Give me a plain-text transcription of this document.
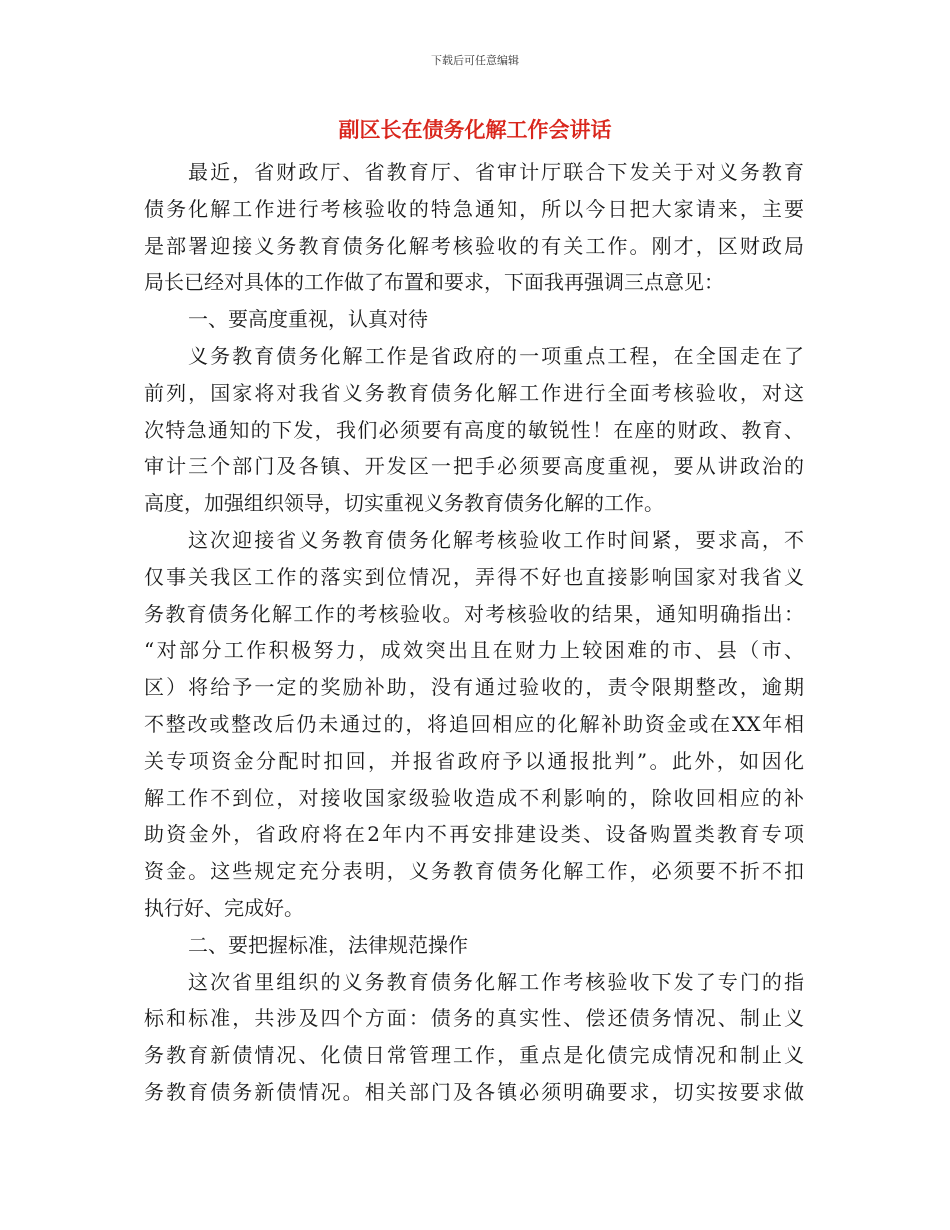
下载后可任意编辑
副区长在债务化解工作会讲话
最近，省财政厅、省教育厅、省审计厅联合下发关于对义务教育
债务化解工作进行考核验收的特急通知，所以今日把大家请来，主要
是部署迎接义务教育债务化解考核验收的有关工作。刚才，区财政局
局长已经对具体的工作做了布置和要求，下面我再强调三点意见：
一、要高度重视，认真对待
义务教育债务化解工作是省政府的一项重点工程，在全国走在了
前列，国家将对我省义务教育债务化解工作进行全面考核验收，对这
次特急通知的下发，我们必须要有高度的敏锐性！在座的财政、教育、
审计三个部门及各镇、开发区一把手必须要高度重视，要从讲政治的
高度，加强组织领导，切实重视义务教育债务化解的工作。
这次迎接省义务教育债务化解考核验收工作时间紧，要求高，不
仅事关我区工作的落实到位情况，弄得不好也直接影响国家对我省义
务教育债务化解工作的考核验收。对考核验收的结果，通知明确指出：
“对部分工作积极努力，成效突出且在财力上较困难的市、县（市、
区）将给予一定的奖励补助，没有通过验收的，责令限期整改，逾期
不整改或整改后仍未通过的，将追回相应的化解补助资金或在XX年相
关专项资金分配时扣回，并报省政府予以通报批判”。此外，如因化
解工作不到位，对接收国家级验收造成不利影响的，除收回相应的补
助资金外，省政府将在2年内不再安排建设类、设备购置类教育专项
资金。这些规定充分表明，义务教育债务化解工作，必须要不折不扣
执行好、完成好。
二、要把握标准，法律规范操作
这次省里组织的义务教育债务化解工作考核验收下发了专门的指
标和标准，共涉及四个方面：债务的真实性、偿还债务情况、制止义
务教育新债情况、化债日常管理工作，重点是化债完成情况和制止义
务教育债务新债情况。相关部门及各镇必须明确要求，切实按要求做
